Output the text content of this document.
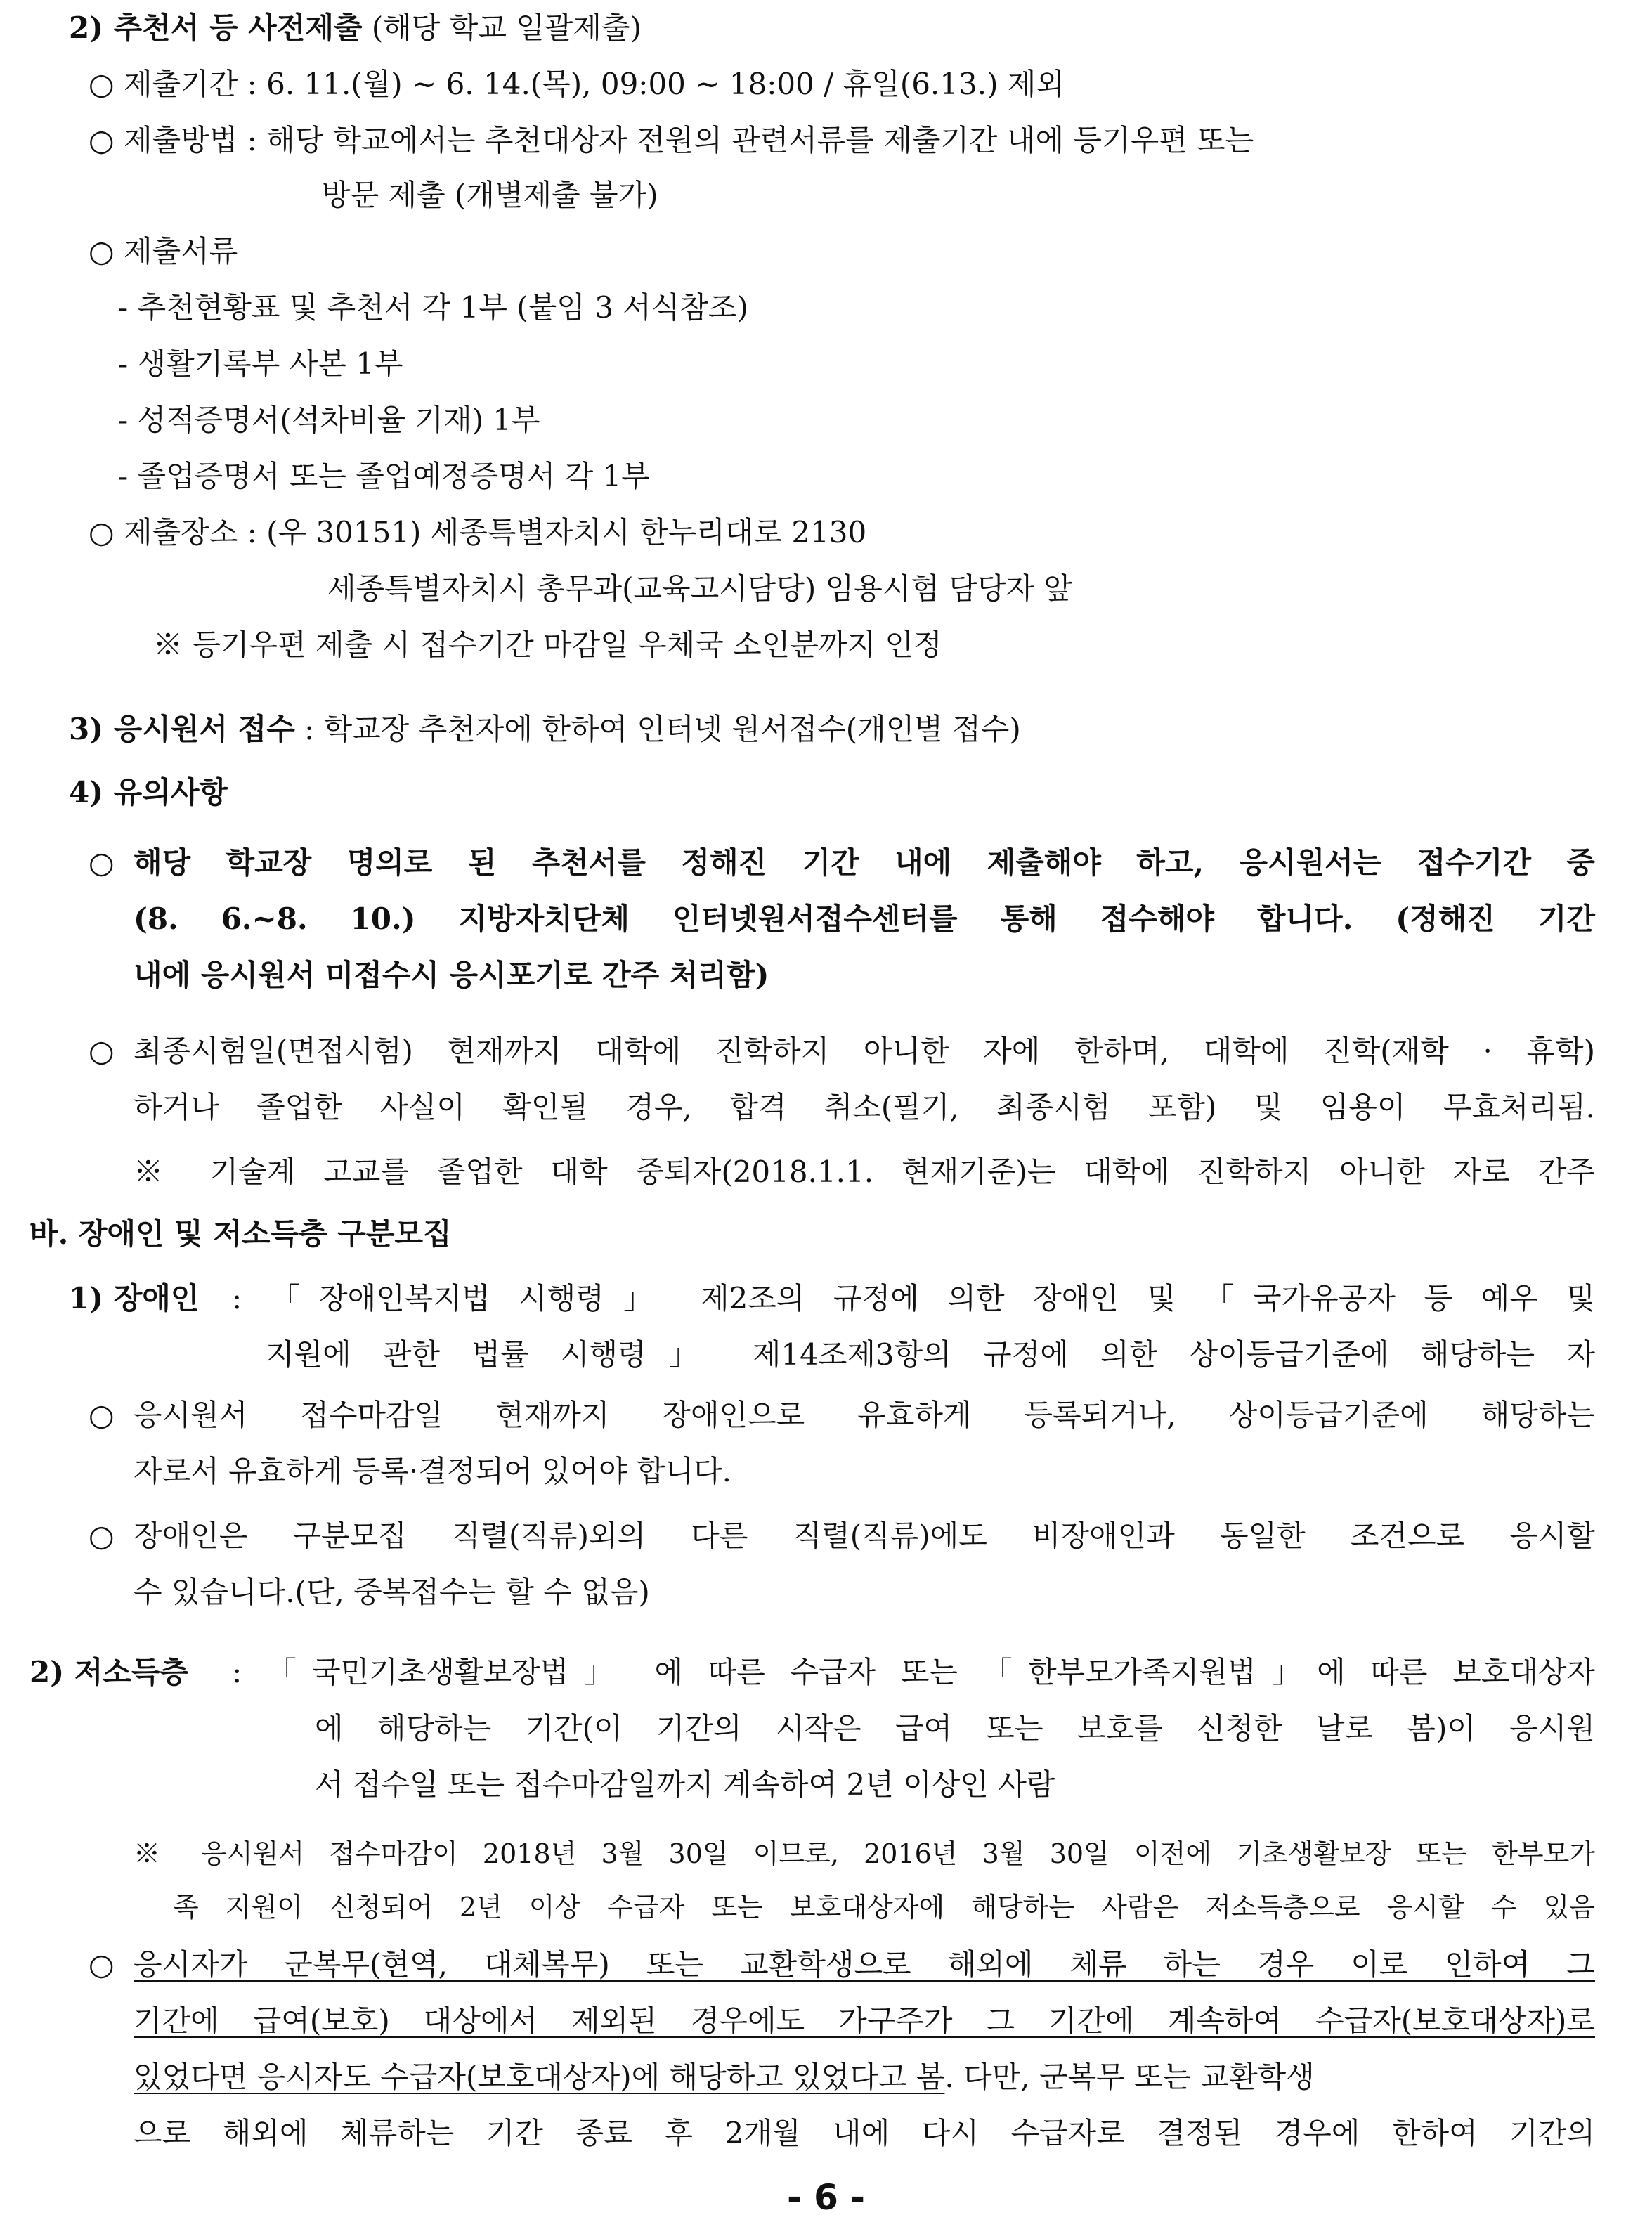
2) 추천서 등 사전제출 (해당 학교 일괄제출)
○ 제출기간 : 6. 11.(월) ~ 6. 14.(목), 09:00 ~ 18:00 / 휴일(6.13.) 제외
○ 제출방법 : 해당 학교에서는 추천대상자 전원의 관련서류를 제출기간 내에 등기우편 또는
방문 제출 (개별제출 불가)
○ 제출서류
- 추천현황표 및 추천서 각 1부 (붙임 3 서식참조)
- 생활기록부 사본 1부
- 성적증명서(석차비율 기재) 1부
- 졸업증명서 또는 졸업예정증명서 각 1부
○ 제출장소 : (우 30151) 세종특별자치시 한누리대로 2130
세종특별자치시 총무과(교육고시담당) 임용시험 담당자 앞
※ 등기우편 제출 시 접수기간 마감일 우체국 소인분까지 인정
3) 응시원서 접수 : 학교장 추천자에 한하여 인터넷 원서접수(개인별 접수)
4) 유의사항
○ 해당 학교장 명의로 된 추천서를 정해진 기간 내에 제출해야 하고, 응시원서는 접수기간 중
(8. 6.~8. 10.) 지방자치단체 인터넷원서접수센터를 통해 접수해야 합니다. (정해진 기간
내에 응시원서 미접수시 응시포기로 간주 처리함)
○ 최종시험일(면접시험) 현재까지 대학에 진학하지 아니한 자에 한하며, 대학에 진학(재학 · 휴학)
하거나 졸업한 사실이 확인될 경우, 합격 취소(필기, 최종시험 포함) 및 임용이 무효처리됨.
※ 기술계 고교를 졸업한 대학 중퇴자(2018.1.1. 현재기준)는 대학에 진학하지 아니한 자로 간주
바. 장애인 및 저소득층 구분모집
1) 장애인 : 「장애인복지법 시행령」 제2조의 규정에 의한 장애인 및 「국가유공자 등 예우 및
지원에 관한 법률 시행령」 제14조제3항의 규정에 의한 상이등급기준에 해당하는 자
○ 응시원서 접수마감일 현재까지 장애인으로 유효하게 등록되거나, 상이등급기준에 해당하는
자로서 유효하게 등록·결정되어 있어야 합니다.
○ 장애인은 구분모집 직렬(직류)외의 다른 직렬(직류)에도 비장애인과 동일한 조건으로 응시할
수 있습니다.(단, 중복접수는 할 수 없음)
2) 저소득층 : 「국민기초생활보장법」 에 따른 수급자 또는 「한부모가족지원법」에 따른 보호대상자
에 해당하는 기간(이 기간의 시작은 급여 또는 보호를 신청한 날로 봄)이 응시원
서 접수일 또는 접수마감일까지 계속하여 2년 이상인 사람
※ 응시원서 접수마감이 2018년 3월 30일 이므로, 2016년 3월 30일 이전에 기초생활보장 또는 한부모가
족 지원이 신청되어 2년 이상 수급자 또는 보호대상자에 해당하는 사람은 저소득층으로 응시할 수 있음
○ 응시자가 군복무(현역, 대체복무) 또는 교환학생으로 해외에 체류 하는 경우 이로 인하여 그
기간에 급여(보호) 대상에서 제외된 경우에도 가구주가 그 기간에 계속하여 수급자(보호대상자)로
있었다면 응시자도 수급자(보호대상자)에 해당하고 있었다고 봄. 다만, 군복무 또는 교환학생
으로 해외에 체류하는 기간 종료 후 2개월 내에 다시 수급자로 결정된 경우에 한하여 기간의
- 6 -
